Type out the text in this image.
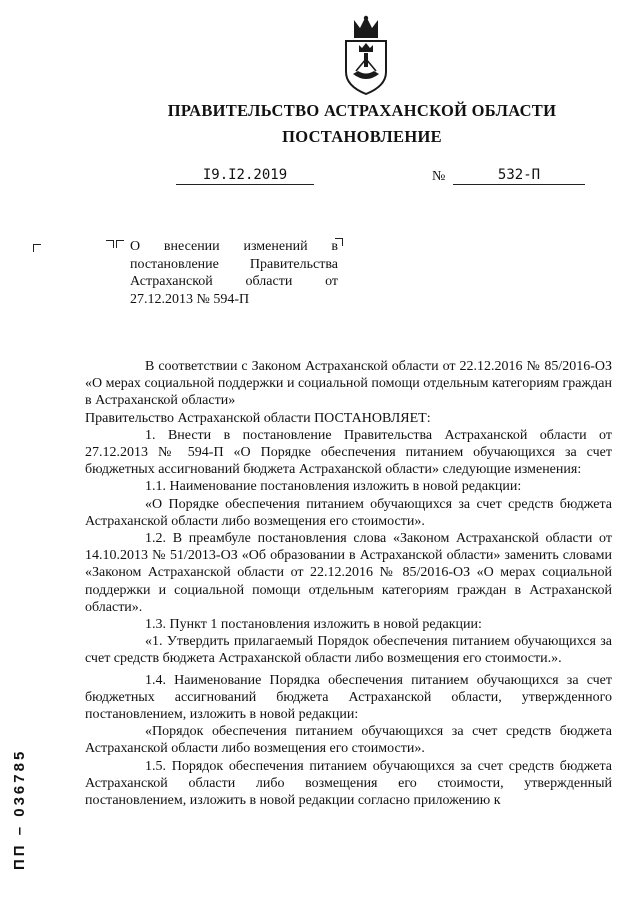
ПРАВИТЕЛЬСТВО АСТРАХАНСКОЙ ОБЛАСТИ
ПОСТАНОВЛЕНИЕ
I9.I2.2019	№	532-П
О внесении изменений в постановление Правительства Астраханской области от 27.12.2013 № 594-П

В соответствии с Законом Астраханской области от 22.12.2016 № 85/2016-ОЗ «О мерах социальной поддержки и социальной помощи отдельным категориям граждан в Астраханской области»

Правительство Астраханской области ПОСТАНОВЛЯЕТ:

1. Внести в постановление Правительства Астраханской области от 27.12.2013 № 594-П «О Порядке обеспечения питанием обучающихся за счет бюджетных ассигнований бюджета Астраханской области» следующие изменения:

1.1. Наименование постановления изложить в новой редакции:

«О Порядке обеспечения питанием обучающихся за счет средств бюджета Астраханской области либо возмещения его стоимости».

1.2. В преамбуле постановления слова «Законом Астраханской области от 14.10.2013 № 51/2013-ОЗ «Об образовании в Астраханской области» заменить словами «Законом Астраханской области от 22.12.2016 № 85/2016-ОЗ «О мерах социальной поддержки и социальной помощи отдельным категориям граждан в Астраханской области».

1.3. Пункт 1 постановления изложить в новой редакции:

«1. Утвердить прилагаемый Порядок обеспечения питанием обучающихся за счет средств бюджета Астраханской области либо возмещения его стоимости.».

1.4. Наименование Порядка обеспечения питанием обучающихся за счет бюджетных ассигнований бюджета Астраханской области, утвержденного постановлением, изложить в новой редакции:

«Порядок обеспечения питанием обучающихся за счет средств бюджета Астраханской области либо возмещения его стоимости».

1.5. Порядок обеспечения питанием обучающихся за счет средств бюджета Астраханской области либо возмещения его стоимости, утвержденный постановлением, изложить в новой редакции согласно приложению к

ПП – 036785
